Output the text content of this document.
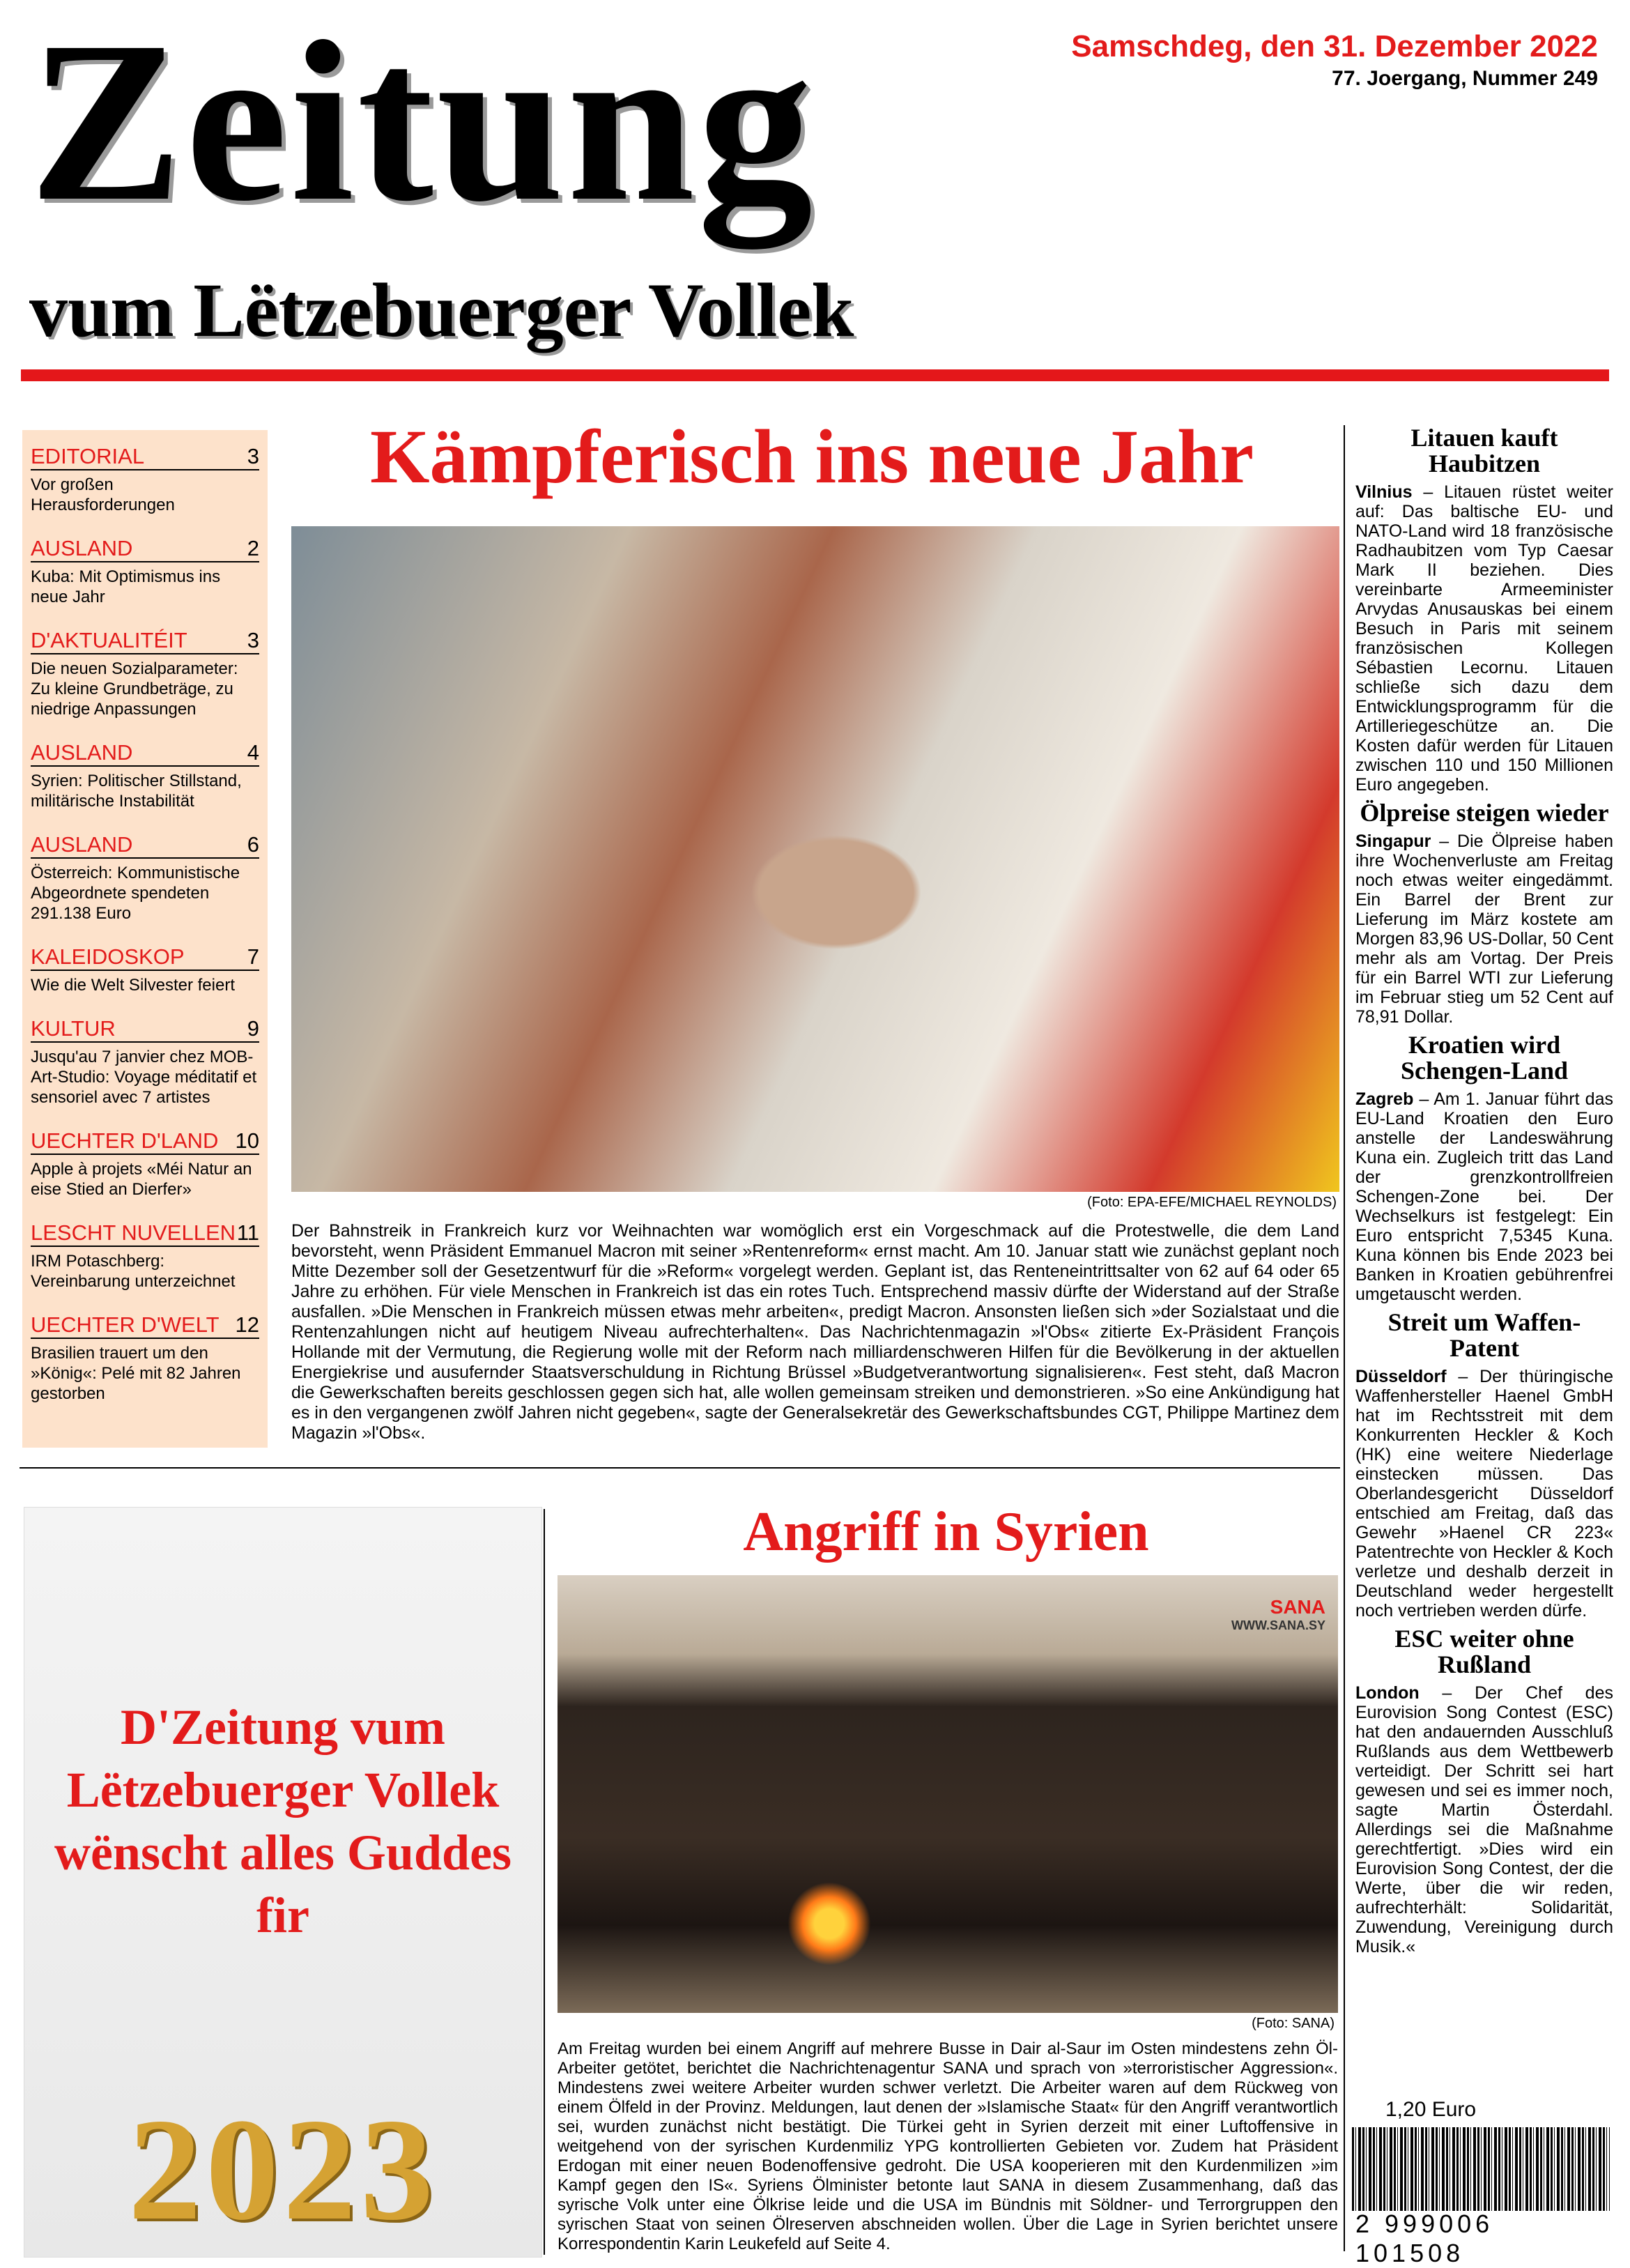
Zeitung
vum Lëtzebuerger Vollek
Samschdeg, den 31. Dezember 2022
77. Joergang, Nummer 249
EDITORIAL	3
Vor großen Herausforderungen
AUSLAND	2
Kuba: Mit Optimismus ins neue Jahr
D'AKTUALITÉIT	3
Die neuen Sozialparameter: Zu kleine Grundbeträge, zu niedrige Anpassungen
AUSLAND	4
Syrien: Politischer Stillstand, militärische Instabilität
AUSLAND	6
Österreich: Kommunistische Abgeordnete spendeten 291.138 Euro
KALEIDOSKOP	7
Wie die Welt Silvester feiert
KULTUR	9
Jusqu'au 7 janvier chez MOB-Art-Studio: Voyage méditatif et sensoriel avec 7 artistes
UECHTER D'LAND 10
Apple à projets «Méi Natur an eise Stied an Dierfer»
LESCHT NUVELLEN 11
IRM Potaschberg: Vereinbarung unterzeichnet
UECHTER D'WELT 12
Brasilien trauert um den »König«: Pelé mit 82 Jahren gestorben
Kämpferisch ins neue Jahr
(Foto: EPA-EFE/MICHAEL REYNOLDS)
Der Bahnstreik in Frankreich kurz vor Weihnachten war womöglich erst ein Vorgeschmack auf die Protestwelle, die dem Land bevorsteht, wenn Präsident Emmanuel Macron mit seiner »Rentenreform« ernst macht. Am 10. Januar statt wie zunächst geplant noch Mitte Dezember soll der Gesetzentwurf für die »Reform« vorgelegt werden. Geplant ist, das Renteneintrittsalter von 62 auf 64 oder 65 Jahre zu erhöhen. Für viele Menschen in Frankreich ist das ein rotes Tuch. Entsprechend massiv dürfte der Widerstand auf der Straße ausfallen. »Die Menschen in Frankreich müssen etwas mehr arbeiten«, predigt Macron. Ansonsten ließen sich »der Sozialstaat und die Rentenzahlungen nicht auf heutigem Niveau aufrechterhalten«. Das Nachrichtenmagazin »l'Obs« zitierte Ex-Präsident François Hollande mit der Vermutung, die Regierung wolle mit der Reform nach milliardenschweren Hilfen für die Bevölkerung in der aktuellen Energiekrise und ausufernder Staatsverschuldung in Richtung Brüssel »Budgetverantwortung signalisieren«. Fest steht, daß Macron die Gewerkschaften bereits geschlossen gegen sich hat, alle wollen gemeinsam streiken und demonstrieren. »So eine Ankündigung hat es in den vergangenen zwölf Jahren nicht gegeben«, sagte der Generalsekretär des Gewerkschaftsbundes CGT, Philippe Martinez dem Magazin »l'Obs«.
Litauen kauft Haubitzen
Vilnius – Litauen rüstet weiter auf: Das baltische EU- und NATO-Land wird 18 französische Radhaubitzen vom Typ Caesar Mark II beziehen. Dies vereinbarte Armeeminister Arvydas Anusauskas bei einem Besuch in Paris mit seinem französischen Kollegen Sébastien Lecornu. Litauen schließe sich dazu dem Entwicklungsprogramm für die Artilleriegeschütze an. Die Kosten dafür werden für Litauen zwischen 110 und 150 Millionen Euro angegeben.
Ölpreise steigen wieder
Singapur – Die Ölpreise haben ihre Wochenverluste am Freitag noch etwas weiter eingedämmt. Ein Barrel der Brent zur Lieferung im März kostete am Morgen 83,96 US-Dollar, 50 Cent mehr als am Vortag. Der Preis für ein Barrel WTI zur Lieferung im Februar stieg um 52 Cent auf 78,91 Dollar.
Kroatien wird Schengen-Land
Zagreb – Am 1. Januar führt das EU-Land Kroatien den Euro anstelle der Landeswährung Kuna ein. Zugleich tritt das Land der grenzkontrollfreien Schengen-Zone bei. Der Wechselkurs ist festgelegt: Ein Euro entspricht 7,5345 Kuna. Kuna können bis Ende 2023 bei Banken in Kroatien gebührenfrei umgetauscht werden.
Streit um Waffen-Patent
Düsseldorf – Der thüringische Waffenhersteller Haenel GmbH hat im Rechtsstreit mit dem Konkurrenten Heckler & Koch (HK) eine weitere Niederlage einstecken müssen. Das Oberlandesgericht Düsseldorf entschied am Freitag, daß das Gewehr »Haenel CR 223« Patentrechte von Heckler & Koch verletze und deshalb derzeit in Deutschland weder hergestellt noch vertrieben werden dürfe.
ESC weiter ohne Rußland
London – Der Chef des Eurovision Song Contest (ESC) hat den andauernden Ausschluß Rußlands aus dem Wettbewerb verteidigt. Der Schritt sei hart gewesen und sei es immer noch, sagte Martin Österdahl. Allerdings sei die Maßnahme gerechtfertigt. »Dies wird ein Eurovision Song Contest, der die Werte, über die wir reden, aufrechterhält: Solidarität, Zuwendung, Vereinigung durch Musik.«
D'Zeitung vum Lëtzebuerger Vollek wënscht alles Guddes fir
2023
Angriff in Syrien
SANA
WWW.SANA.SY
(Foto: SANA)
Am Freitag wurden bei einem Angriff auf mehrere Busse in Dair al-Saur im Osten mindestens zehn Öl-Arbeiter getötet, berichtet die Nachrichtenagentur SANA und sprach von »terroristischer Aggression«. Mindestens zwei weitere Arbeiter wurden schwer verletzt. Die Arbeiter waren auf dem Rückweg von einem Ölfeld in der Provinz. Meldungen, laut denen der »Islamische Staat« für den Angriff verantwortlich sei, wurden zunächst nicht bestätigt. Die Türkei geht in Syrien derzeit mit einer Luftoffensive in weitgehend von der syrischen Kurdenmiliz YPG kontrollierten Gebieten vor. Zudem hat Präsident Erdogan mit einer neuen Bodenoffensive gedroht. Die USA kooperieren mit den Kurdenmilizen »im Kampf gegen den IS«. Syriens Ölminister betonte laut SANA in diesem Zusammenhang, daß das syrische Volk unter eine Ölkrise leide und die USA im Bündnis mit Söldner- und Terrorgruppen den syrischen Staat von seinen Ölreserven abschneiden wollen. Über die Lage in Syrien berichtet unsere Korrespondentin Karin Leukefeld auf Seite 4.
1,20 Euro
2 999006 101508
